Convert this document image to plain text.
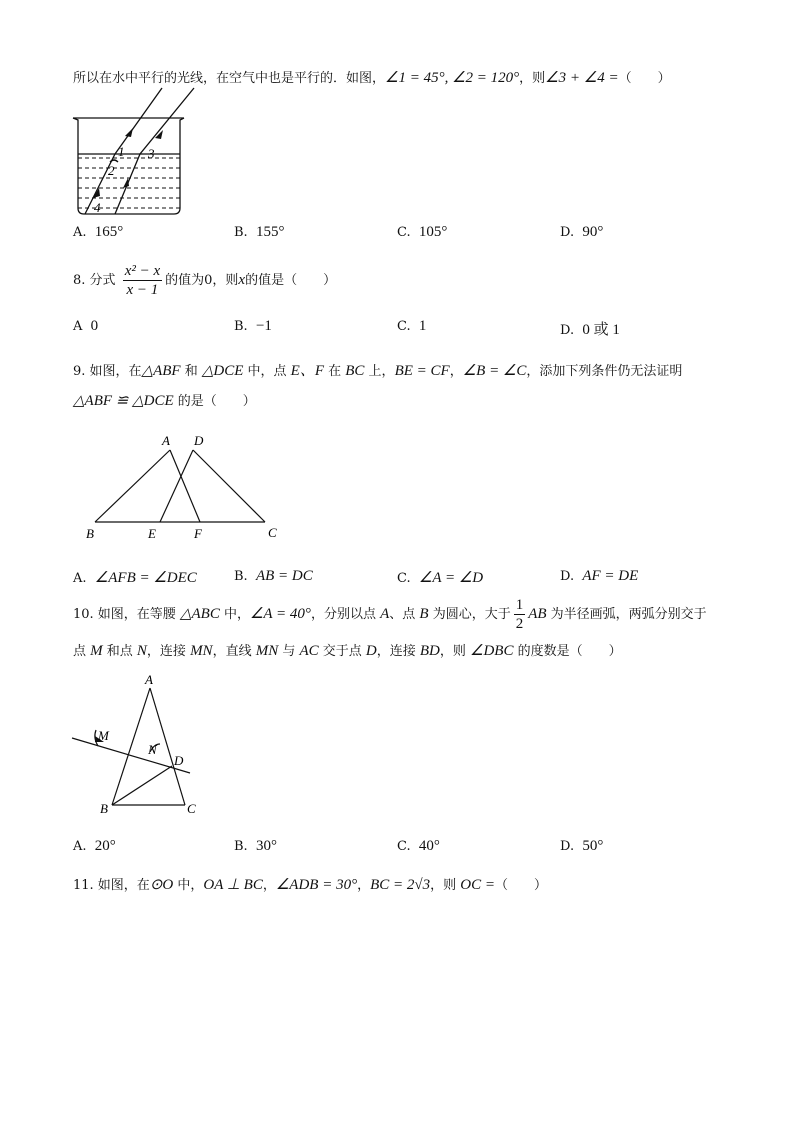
所以在水中平行的光线，在空气中也是平行的．如图，∠1 = 45°, ∠2 = 120°，则∠3 + ∠4 =（　　）
1
2
3
4
A. 165°	B. 155°	C. 105°	D. 90°
8. 分式 $\frac{\text{x² − x}}{x - 1}$ 的值为0，则x的值是（　　）
A 0	B. −1	C. 1	D. 0 或 1
9. 如图，在△ABF 和 △DCE 中，点 E、F 在 BC 上，BE = CF，∠B = ∠C，添加下列条件仍无法证明
△ABF ≌ △DCE 的是（　　）
A D
B	E	F	C
A. ∠AFB = ∠DEC	B. AB = DC	C. ∠A = ∠D	D. AF = DE
10. 如图，在等腰 △ABC 中，∠A = 40°，分别以点 A、点 B 为圆心，大于 $\frac{1}{2}$ AB 为半径画弧，两弧分别交于
点 M 和点 N，连接 MN，直线 MN 与 AC 交于点 D，连接 BD，则 ∠DBC 的度数是（　　）
A
M
N
D
B	C
A. 20°	B. 30°	C. 40°	D. 50°
11. 如图，在⊙O 中，OA ⊥ BC，∠ADB = 30°，BC = 2√3，则 OC =（　　）
